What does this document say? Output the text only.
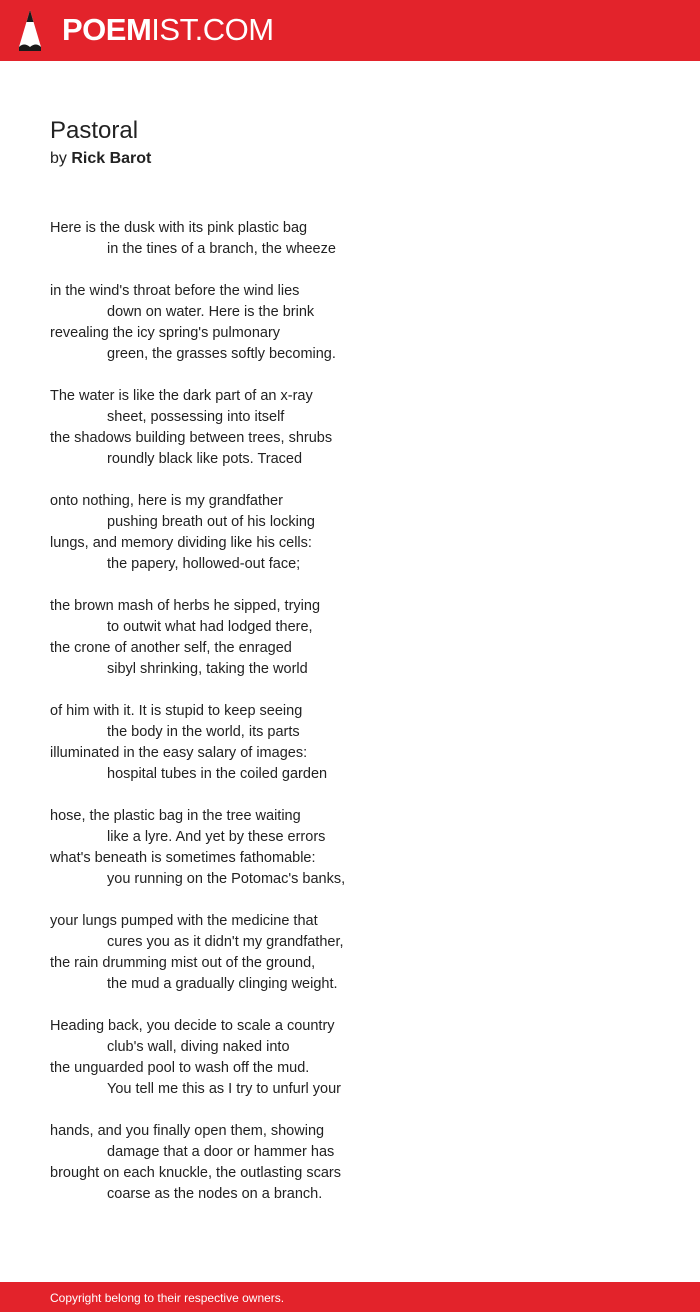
POEMIST.COM
Pastoral
by Rick Barot
Here is the dusk with its pink plastic bag
in the tines of a branch, the wheeze
in the wind's throat before the wind lies
down on water. Here is the brink
revealing the icy spring's pulmonary
green, the grasses softly becoming.
The water is like the dark part of an x-ray
sheet, possessing into itself
the shadows building between trees, shrubs
roundly black like pots. Traced
onto nothing, here is my grandfather
pushing breath out of his locking
lungs, and memory dividing like his cells:
the papery, hollowed-out face;
the brown mash of herbs he sipped, trying
to outwit what had lodged there,
the crone of another self, the enraged
sibyl shrinking, taking the world
of him with it. It is stupid to keep seeing
the body in the world, its parts
illuminated in the easy salary of images:
hospital tubes in the coiled garden
hose, the plastic bag in the tree waiting
like a lyre. And yet by these errors
what's beneath is sometimes fathomable:
you running on the Potomac's banks,
your lungs pumped with the medicine that
cures you as it didn't my grandfather,
the rain drumming mist out of the ground,
the mud a gradually clinging weight.
Heading back, you decide to scale a country
club's wall, diving naked into
the unguarded pool to wash off the mud.
You tell me this as I try to unfurl your
hands, and you finally open them, showing
damage that a door or hammer has
brought on each knuckle, the outlasting scars
coarse as the nodes on a branch.
Copyright belong to their respective owners.
